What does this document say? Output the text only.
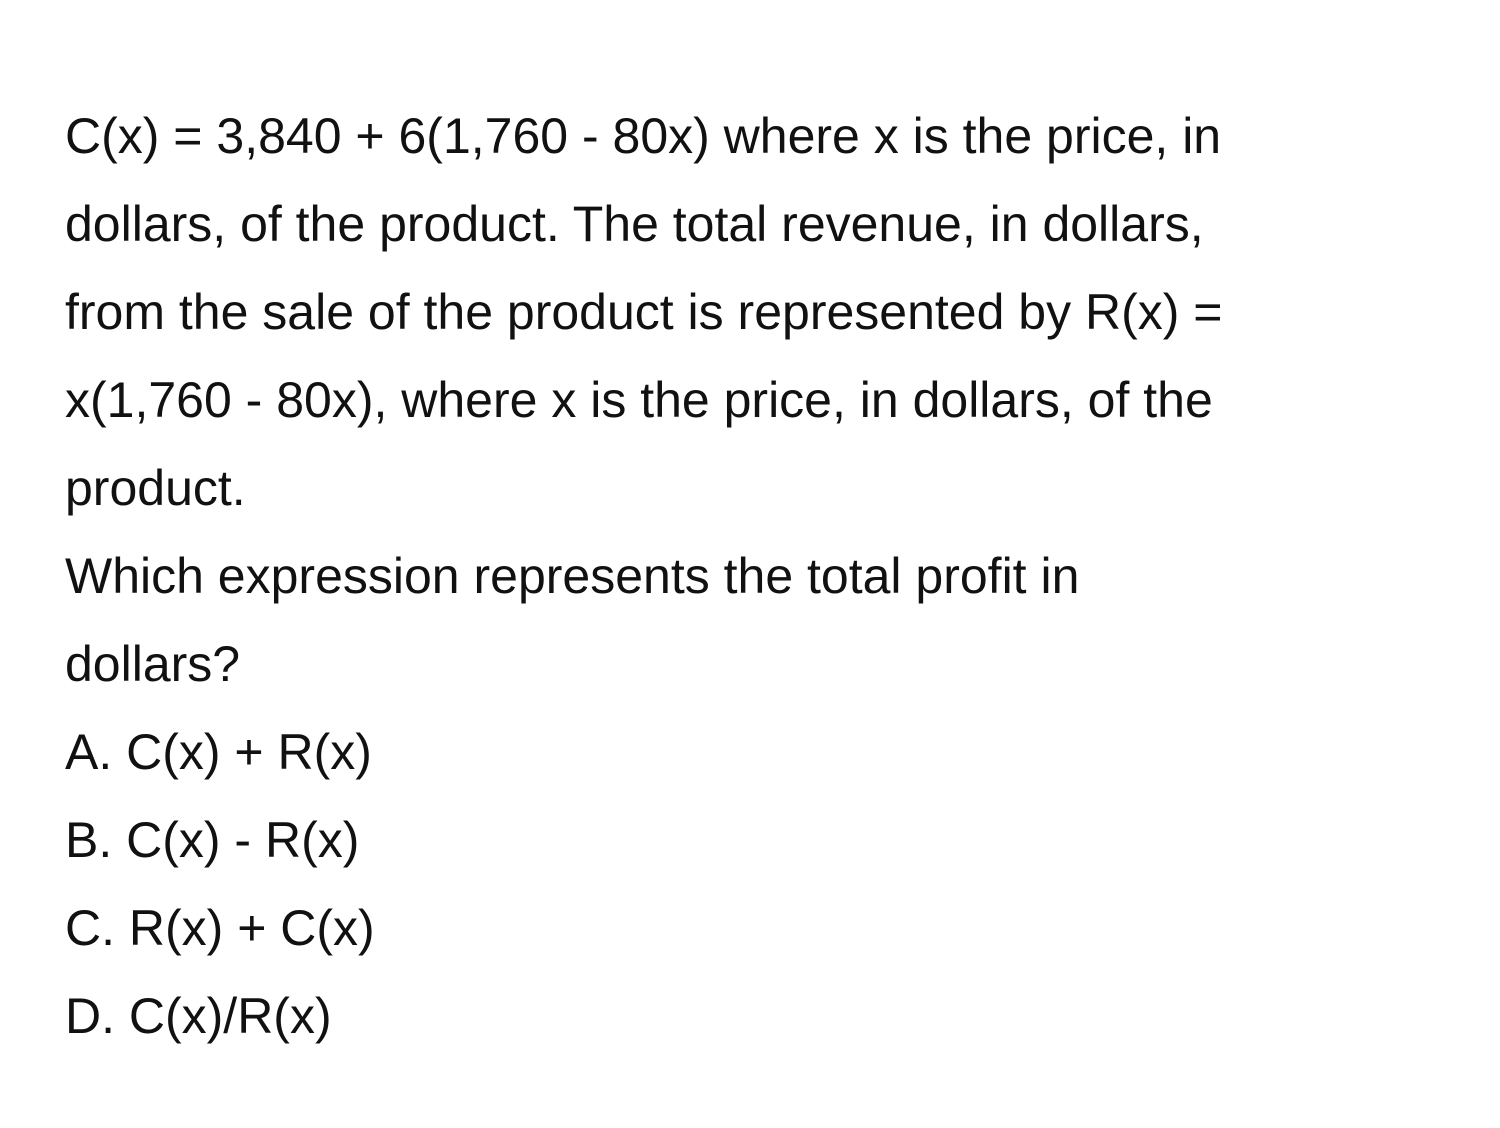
C(x) = 3,840 + 6(1,760 - 80x) where x is the price, in
dollars, of the product. The total revenue, in dollars,
from the sale of the product is represented by R(x) =
x(1,760 - 80x), where x is the price, in dollars, of the
product.
Which expression represents the total profit in
dollars?
A. C(x) + R(x)
B. C(x) - R(x)
C. R(x) + C(x)
D. C(x)/R(x)
